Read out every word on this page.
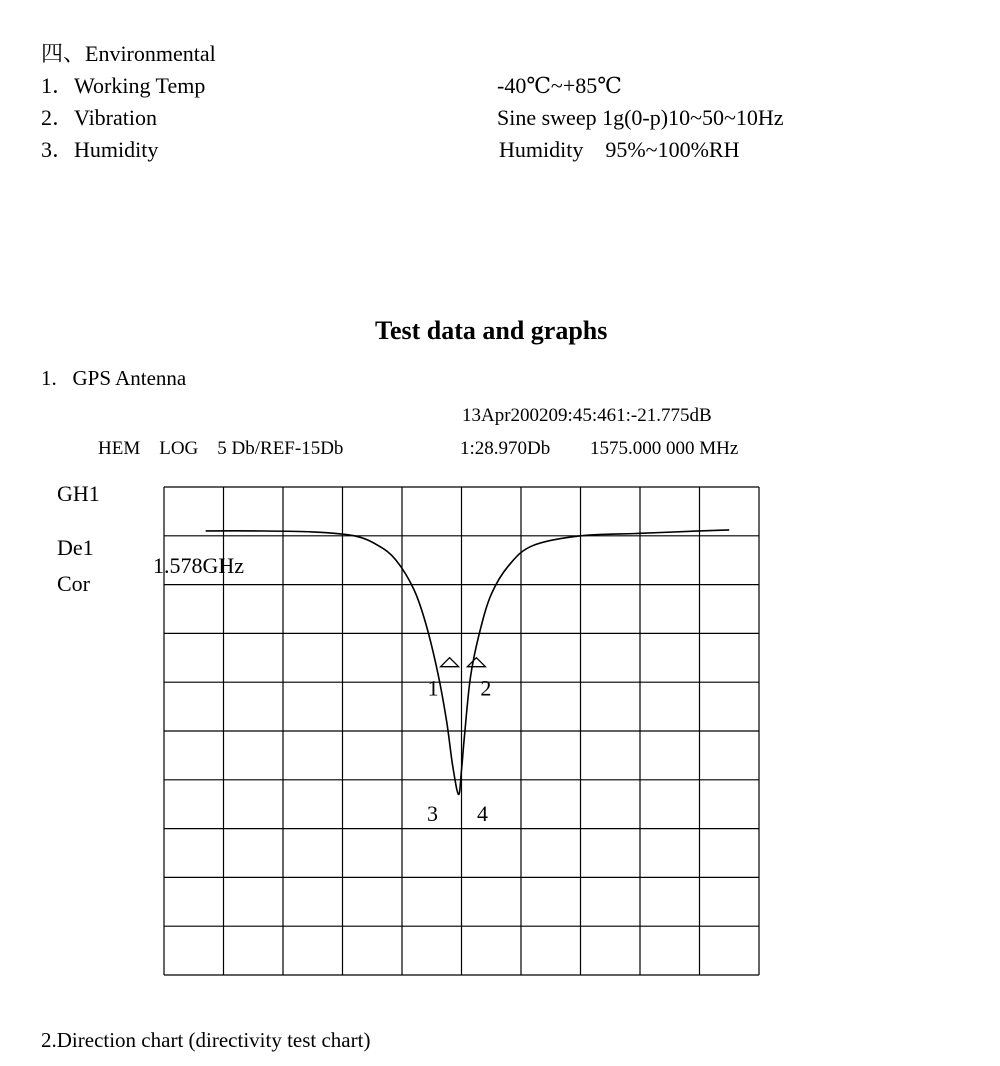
四、Environmental
1．Working Temp	-40℃~+85℃
2．Vibration	Sine sweep 1g(0-p)10~50~10Hz
3．Humidity	Humidity    95%~100%RH
Test data and graphs
1.   GPS Antenna
13Apr200209:45:461:-21.775dB
HEM    LOG    5 Db/REF-15Db	1:28.970Db 1575.000 000 MHz
GH1
De1
Cor
1 2
1.578GHz
3 4
2.Direction chart (directivity test chart)
